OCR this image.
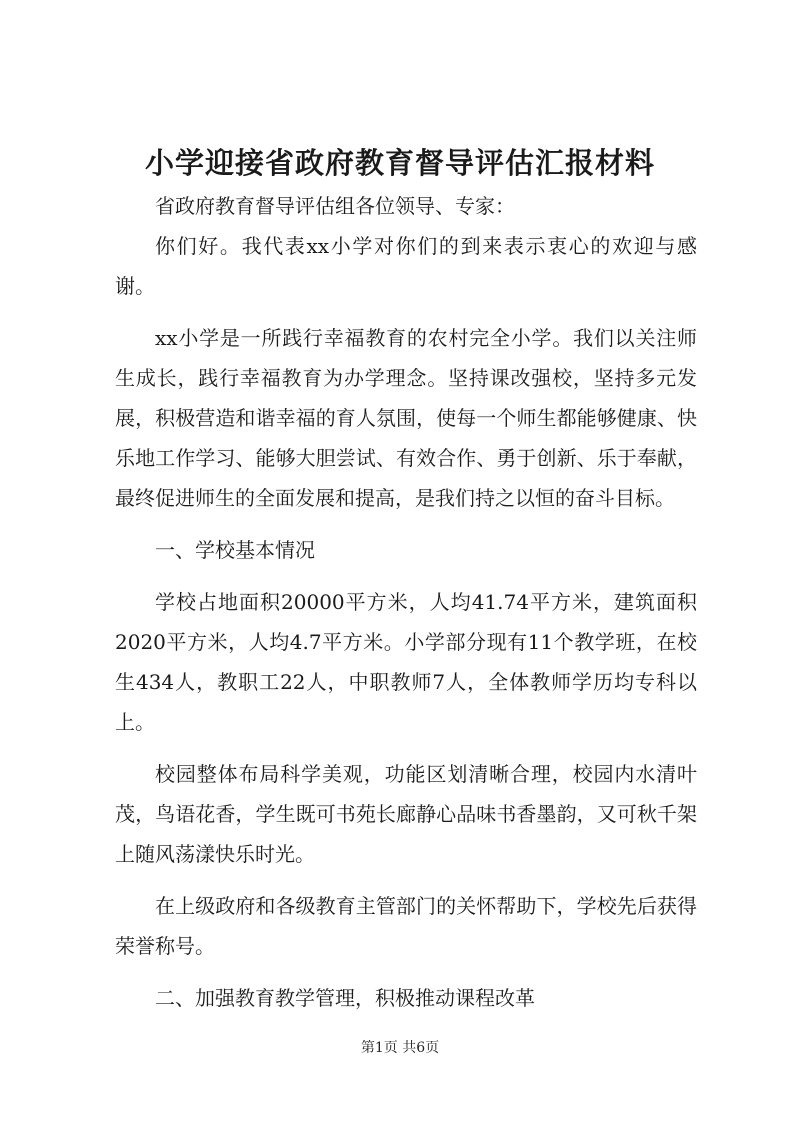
小学迎接省政府教育督导评估汇报材料

省政府教育督导评估组各位领导、专家：

你们好。我代表xx小学对你们的到来表示衷心的欢迎与感谢。

xx小学是一所践行幸福教育的农村完全小学。我们以关注师生成长，践行幸福教育为办学理念。坚持课改强校，坚持多元发展，积极营造和谐幸福的育人氛围，使每一个师生都能够健康、快乐地工作学习、能够大胆尝试、有效合作、勇于创新、乐于奉献，最终促进师生的全面发展和提高，是我们持之以恒的奋斗目标。

一、学校基本情况

学校占地面积20000平方米，人均41.74平方米，建筑面积2020平方米，人均4.7平方米。小学部分现有11个教学班，在校生434人，教职工22人，中职教师7人，全体教师学历均专科以上。

校园整体布局科学美观，功能区划清晰合理，校园内水清叶茂，鸟语花香，学生既可书苑长廊静心品味书香墨韵，又可秋千架上随风荡漾快乐时光。

在上级政府和各级教育主管部门的关怀帮助下，学校先后获得荣誉称号。

二、加强教育教学管理，积极推动课程改革

第1页 共6页
